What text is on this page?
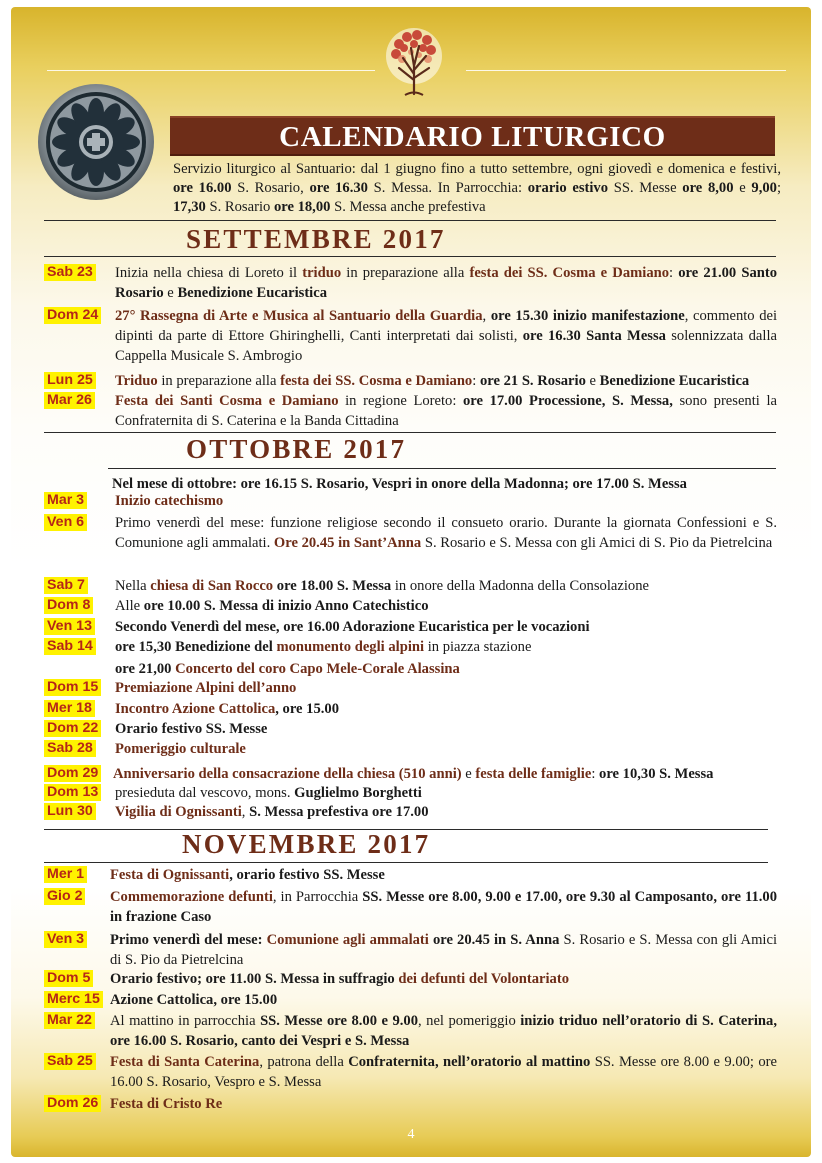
CALENDARIO LITURGICO
Servizio liturgico al Santuario: dal 1 giugno fino a tutto settembre, ogni giovedì e domenica e festivi, ore 16.00 S. Rosario, ore 16.30 S. Messa. In Parrocchia: orario estivo SS. Messe ore 8,00 e 9,00; 17,30 S. Rosario ore 18,00 S. Messa anche prefestiva
SETTEMBRE 2017
OTTOBRE 2017
NOVEMBRE 2017
Sab 23 Inizia nella chiesa di Loreto il triduo in preparazione alla festa dei SS. Cosma e Damiano: ore 21.00 Santo Rosario e Benedizione Eucaristica
Dom 24 27° Rassegna di Arte e Musica al Santuario della Guardia, ore 15.30 inizio manifestazione, commento dei dipinti da parte di Ettore Ghiringhelli, Canti interpretati dai solisti, ore 16.30 Santa Messa solennizzata dalla Cappella Musicale S. Ambrogio
Lun 25 Triduo in preparazione alla festa dei SS. Cosma e Damiano: ore 21 S. Rosario e Benedizione Eucaristica
Mar 26 Festa dei Santi Cosma e Damiano in regione Loreto: ore 17.00 Processione, S. Messa, sono presenti la Confraternita di S. Caterina e la Banda Cittadina
Nel mese di ottobre: ore 16.15 S. Rosario, Vespri in onore della Madonna; ore 17.00 S. Messa
Mar 3 Inizio catechismo
Ven 6 Primo venerdì del mese: funzione religiose secondo il consueto orario. Durante la giornata Confessioni e S. Comunione agli ammalati. Ore 20.45 in Sant’Anna S. Rosario e S. Messa con gli Amici di S. Pio da Pietrelcina
Sab 7 Nella chiesa di San Rocco ore 18.00 S. Messa in onore della Madonna della Consolazione
Dom 8 Alle ore 10.00 S. Messa di inizio Anno Catechistico
Ven 13 Secondo Venerdì del mese, ore 16.00 Adorazione Eucaristica per le vocazioni
Sab 14 ore 15,30 Benedizione del monumento degli alpini in piazza stazione
ore 21,00 Concerto del coro Capo Mele-Corale Alassina
Dom 15 Premiazione Alpini dell’anno
Mer 18 Incontro Azione Cattolica, ore 15.00
Dom 22 Orario festivo SS. Messe
Sab 28 Pomeriggio culturale
Dom 29 Anniversario della consacrazione della chiesa (510 anni) e festa delle famiglie: ore 10,30 S. Messa
Dom 13 presieduta dal vescovo, mons. Guglielmo Borghetti
Lun 30 Vigilia di Ognissanti, S. Messa prefestiva ore 17.00
Mer 1 Festa di Ognissanti, orario festivo SS. Messe
Gio 2 Commemorazione defunti, in Parrocchia SS. Messe ore 8.00, 9.00 e 17.00, ore 9.30 al Camposanto, ore 11.00 in frazione Caso
Ven 3 Primo venerdì del mese: Comunione agli ammalati ore 20.45 in S. Anna S. Rosario e S. Messa con gli Amici di S. Pio da Pietrelcina
Dom 5 Orario festivo; ore 11.00 S. Messa in suffragio dei defunti del Volontariato
Merc 15 Azione Cattolica, ore 15.00
Mar 22 Al mattino in parrocchia SS. Messe ore 8.00 e 9.00, nel pomeriggio inizio triduo nell’oratorio di S. Caterina, ore 16.00 S. Rosario, canto dei Vespri e S. Messa
Sab 25 Festa di Santa Caterina, patrona della Confraternita, nell’oratorio al mattino SS. Messe ore 8.00 e 9.00; ore 16.00 S. Rosario, Vespro e S. Messa
Dom 26 Festa di Cristo Re
4
